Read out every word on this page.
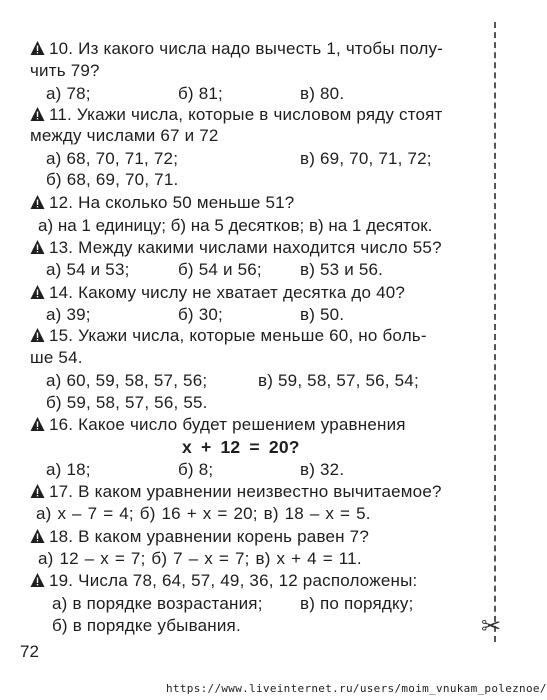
✂
10. Из какого числа надо вычесть 1, чтобы полу-
чить 79?
а) 78;	б) 81;	в) 80.
11. Укажи числа, которые в числовом ряду стоят
между числами 67 и 72
а) 68, 70, 71, 72;	в) 69, 70, 71, 72;
б) 68, 69, 70, 71.
12. На сколько 50 меньше 51?
а) на 1 единицу; б) на 5 десятков; в) на 1 десяток.
13. Между какими числами находится число 55?
а) 54 и 53;	б) 54 и 56; в) 53 и 56.
14. Какому числу не хватает десятка до 40?
а) 39;	б) 30;	в) 50.
15. Укажи числа, которые меньше 60, но боль-
ше 54.
а) 60, 59, 58, 57, 56;	в) 59, 58, 57, 56, 54;
б) 59, 58, 57, 56, 55.
16. Какое число будет решением уравнения
x + 12 = 20?
а) 18;	б) 8;	в) 32.
17. В каком уравнении неизвестно вычитаемое?
а) x – 7 = 4; б) 16 + x = 20; в) 18 – x = 5.
18. В каком уравнении корень равен 7?
а) 12 – x = 7; б) 7 – x = 7; в) x + 4 = 11.
19. Числа 78, 64, 57, 49, 36, 12 расположены:
а) в порядке возрастания; в) по порядку;
б) в порядке убывания.
72
https://www.liveinternet.ru/users/moim_vnukam_poleznoe/
